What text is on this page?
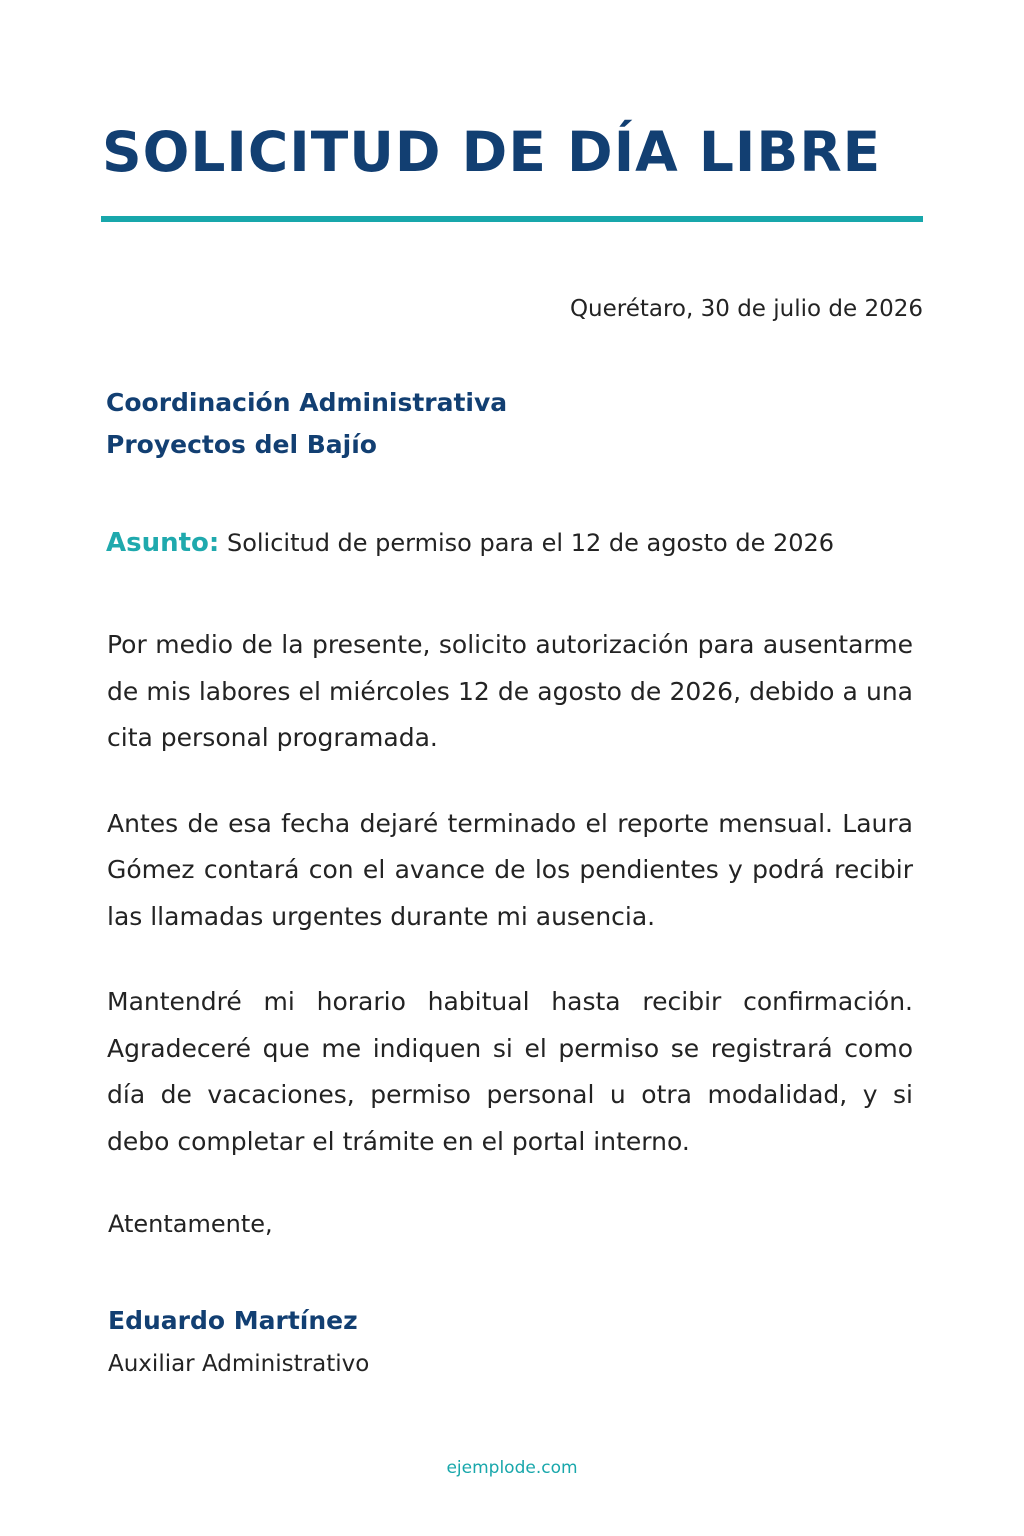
SOLICITUD DE DÍA LIBRE
Querétaro, 30 de julio de 2026
Coordinación Administrativa
Proyectos del Bajío
Asunto: Solicitud de permiso para el 12 de agosto de 2026

Por medio de la presente, solicito autorización para ausentarme de mis labores el miércoles 12 de agosto de 2026, debido a una cita personal programada.

Antes de esa fecha dejaré terminado el reporte mensual. Laura Gómez contará con el avance de los pendientes y podrá recibir las llamadas urgentes durante mi ausencia.

Mantendré mi horario habitual hasta recibir confirmación. Agradeceré que me indiquen si el permiso se registrará como día de vacaciones, permiso personal u otra modalidad, y si debo completar el trámite en el portal interno.

Atentamente,
Eduardo Martínez
Auxiliar Administrativo
ejemplode.com
